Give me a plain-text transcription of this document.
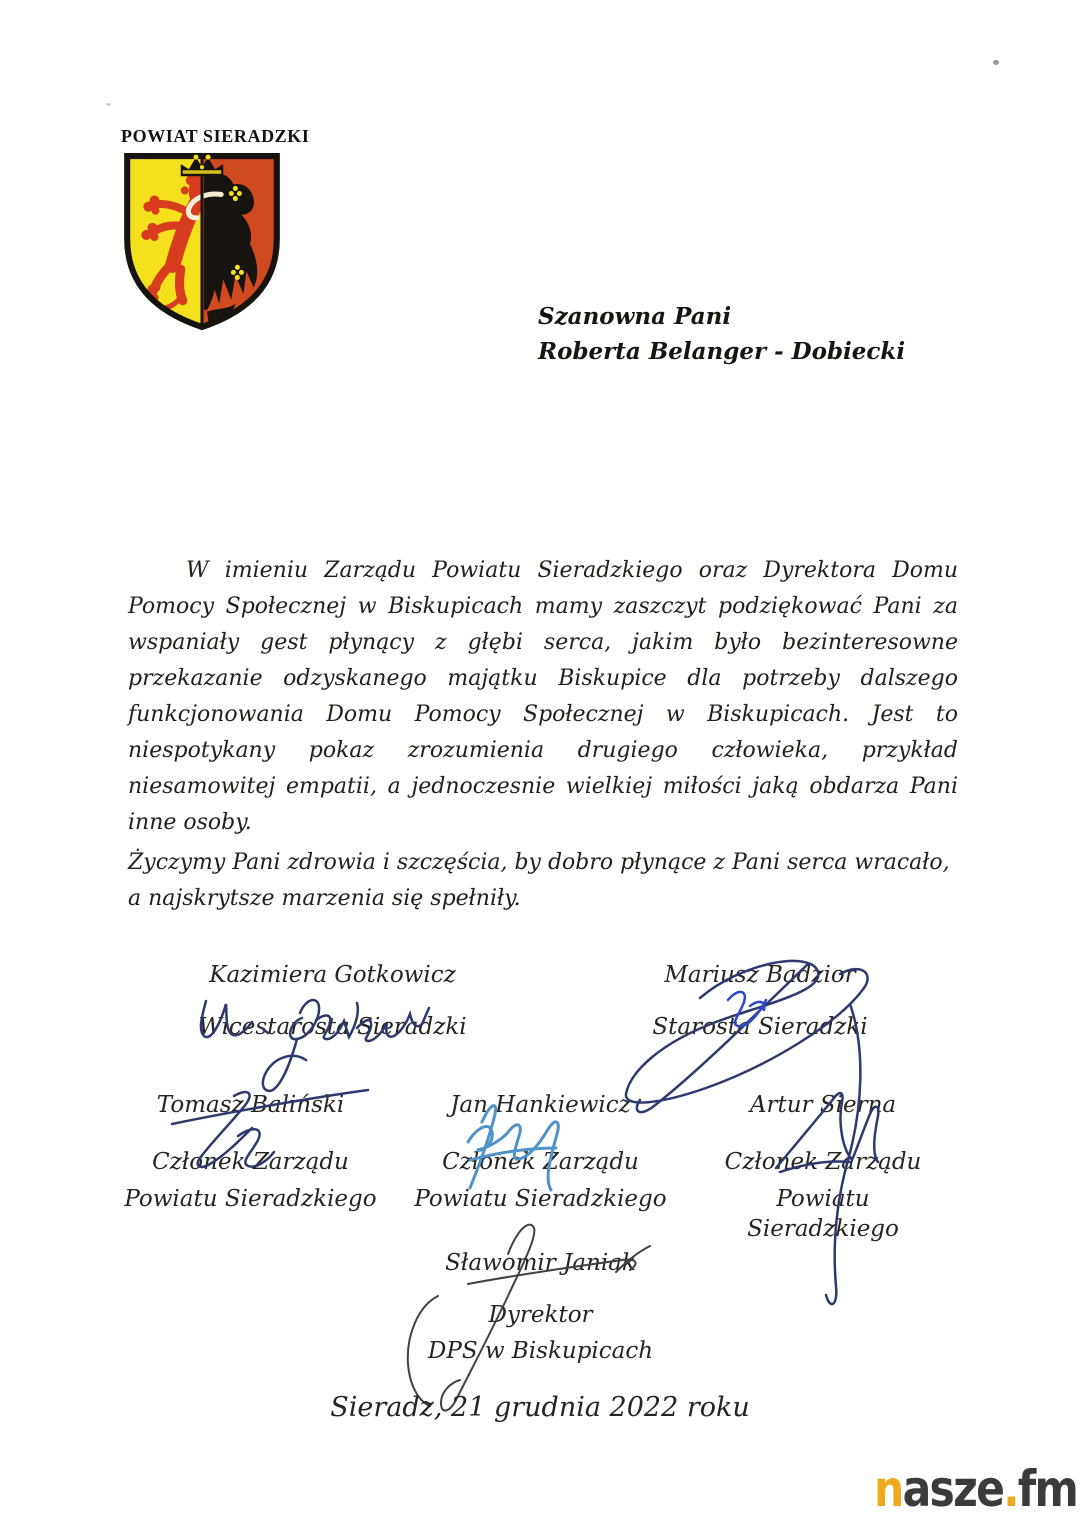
POWIAT SIERADZKI
Szanowna Pani
Roberta Belanger - Dobiecki
W imieniu Zarządu Powiatu Sieradzkiego oraz Dyrektora Domu
Pomocy Społecznej w Biskupicach mamy zaszczyt podziękować Pani za
wspaniały gest płynący z głębi serca, jakim było bezinteresowne
przekazanie odzyskanego majątku Biskupice dla potrzeby dalszego
funkcjonowania Domu Pomocy Społecznej w Biskupicach. Jest to
niespotykany pokaz zrozumienia drugiego człowieka, przykład
niesamowitej empatii, a jednoczesnie wielkiej miłości jaką obdarza Pani
inne osoby.
Życzymy Pani zdrowia i szczęścia, by dobro płynące z Pani serca wracało,
a najskrytsze marzenia się spełniły.
Kazimiera Gotkowicz
Wicestarosta Sieradzki
Mariusz Badzior
Starosta Sieradzki
Tomasz Baliński
Członek Zarządu
Powiatu Sieradzkiego
Jan Hankiewicz
Członek Zarządu
Powiatu Sieradzkiego
Artur Sierna
Członek Zarządu
Powiatu Sieradzkiego
Sławomir Janiak
Dyrektor
DPS w Biskupicach
Sieradz, 21 grudnia 2022 roku
nasze.fm
